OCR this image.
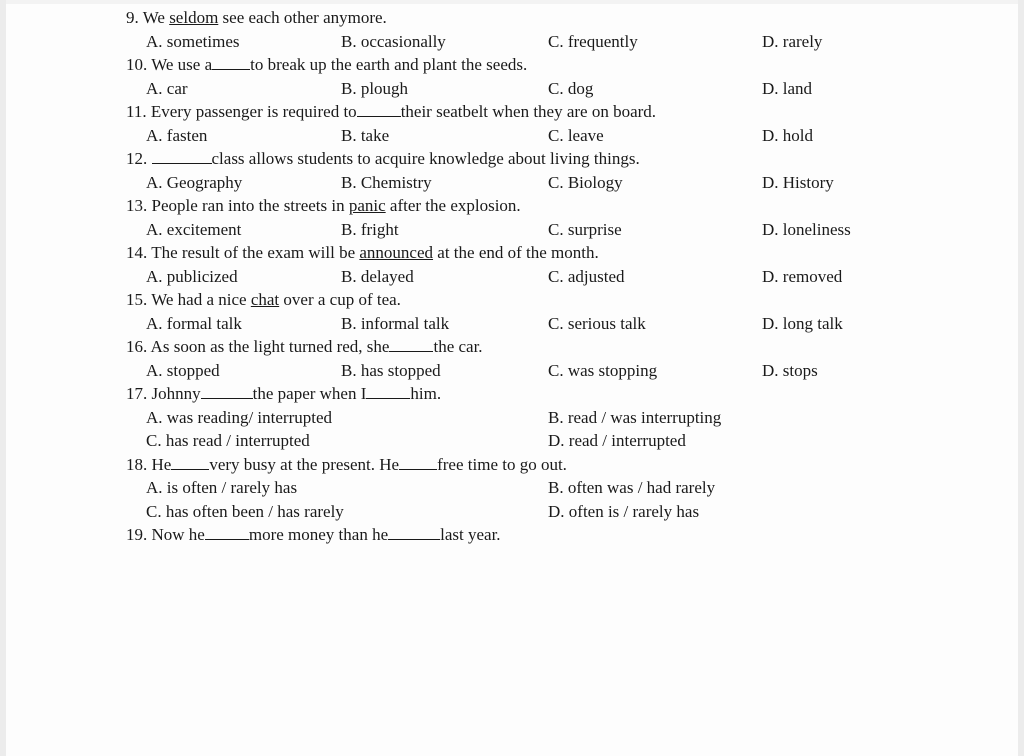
9. We seldom see each other anymore.
A. sometimes	B. occasionally	C. frequently	D. rarely
10. We use a to break up the earth and plant the seeds.
A. car	B. plough	C. dog	D. land
11. Every passenger is required to	their seatbelt when they are on board.
A. fasten	B. take	C. leave	D. hold
12.	class allows students to acquire knowledge about living things.
A. Geography	B. Chemistry	C. Biology	D. History
13. People ran into the streets in panic after the explosion.
A. excitement	B. fright	C. surprise	D. loneliness
14. The result of the exam will be announced at the end of the month.
A. publicized	B. delayed	C. adjusted	D. removed
15. We had a nice chat over a cup of tea.
A. formal talk	B. informal talk	C. serious talk	D. long talk
16. As soon as the light turned red, she	the car.
A. stopped	B. has stopped	C. was stopping	D. stops
17. Johnny	the paper when I	him.
A. was reading/ interrupted	B. read / was interrupting
C. has read / interrupted	D. read / interrupted
18. He very busy at the present. He free time to go out.
A. is often / rarely has	B. often was / had rarely
C. has often been / has rarely	D. often is / rarely has
19. Now he	more money than he	last year.
